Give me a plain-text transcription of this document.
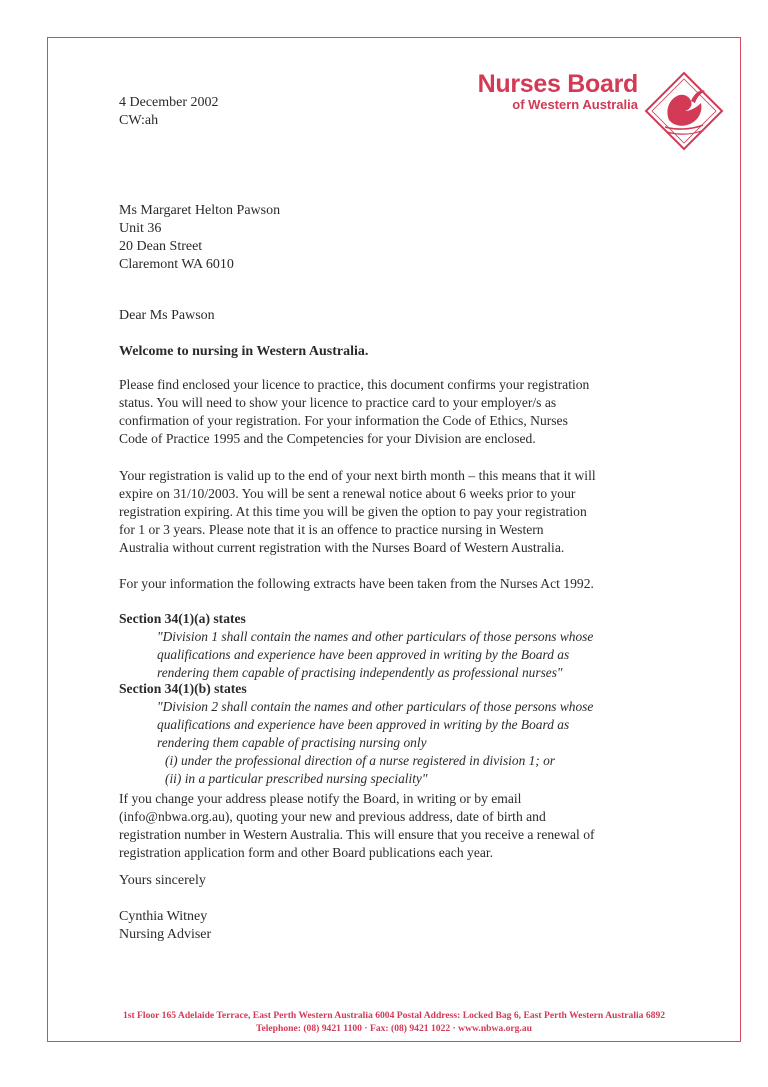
Nurses Board
of Western Australia
4 December 2002
CW:ah
Ms Margaret Helton Pawson
Unit 36
20 Dean Street
Claremont WA 6010
Dear Ms Pawson
Welcome to nursing in Western Australia.

Please find enclosed your licence to practice, this document confirms your registration
status. You will need to show your licence to practice card to your employer/s as
confirmation of your registration. For your information the Code of Ethics, Nurses
Code of Practice 1995 and the Competencies for your Division are enclosed.

Your registration is valid up to the end of your next birth month – this means that it will
expire on 31/10/2003. You will be sent a renewal notice about 6 weeks prior to your
registration expiring. At this time you will be given the option to pay your registration
for 1 or 3 years. Please note that it is an offence to practice nursing in Western
Australia without current registration with the Nurses Board of Western Australia.

For your information the following extracts have been taken from the Nurses Act 1992.

Section 34(1)(a) states

"Division 1 shall contain the names and other particulars of those persons whose
qualifications and experience have been approved in writing by the Board as
rendering them capable of practising independently as professional nurses"

Section 34(1)(b) states

"Division 2 shall contain the names and other particulars of those persons whose
qualifications and experience have been approved in writing by the Board as
rendering them capable of practising nursing only

(i) under the professional direction of a nurse registered in division 1; or
(ii) in a particular prescribed nursing speciality"

If you change your address please notify the Board, in writing or by email
(info@nbwa.org.au), quoting your new and previous address, date of birth and
registration number in Western Australia. This will ensure that you receive a renewal of
registration application form and other Board publications each year.

Yours sincerely
Cynthia Witney
Nursing Adviser
1st Floor 165 Adelaide Terrace, East Perth Western Australia 6004 Postal Address: Locked Bag 6, East Perth Western Australia 6892
Telephone: (08) 9421 1100 · Fax: (08) 9421 1022 · www.nbwa.org.au
